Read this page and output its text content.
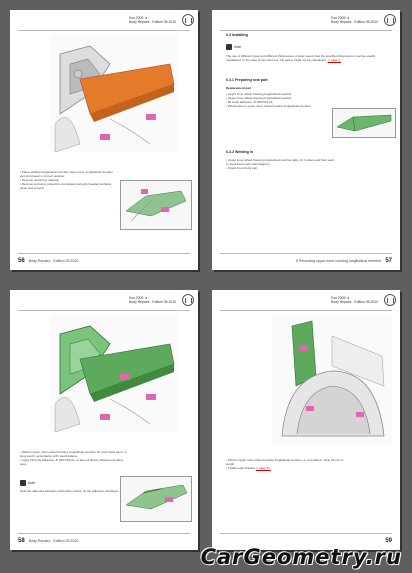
Eos 2005 ➔
Body Repairs - Edition 05.2010
• Place welding longitudinal member upper inner, longitudinal member and strut tower in correct position.
• Remove remaining material.
• Remove corrosion protection completely and grind welded surfaces clean and smooth.
56 Body Repairs - Edition 05.2010
Eos 2005 ➔
Body Repairs - Edition 05.2010
6.3 Installing
Note
The use of different types and different thicknesses of steel means that the specified dimensions must be exactly maintained. In the case of incorrect use, the safety might not be maintained. ⇒ page 1.
6.3.1 Preparing new part
Replacement part
• Upper inner wheel housing longitudinal member
• Upper inner wheel housing longitudinal member
• 2K body adhesive -D 180 KD3 A1-
• Weld holes on upper inner wheel housing longitudinal member
6.3.2 Welding in
• Upper inner wheel housing longitudinal member align, fix in place and then weld in accordance with weld diagram.
• Check fit on body part.
6 Removing upper inner housing longitudinal member 57
Eos 2005 ➔
Body Repairs - Edition 05.2010
• Weld in upper inner wheel housing longitudinal member -B- and check each -C- plug weld in accordance with specifications.
• Apply 2K body adhesive -D 180 KD3 A1- in area of factory adhesive bonded area.
Note
Note the data and adhesion information shown on the adhesive cartridges.
58 Body Repairs - Edition 05.2010
Eos 2005 ➔
Body Repairs - Edition 05.2010
• Weld in upper inner wheel housing longitudinal member -A- and attach, using 90 mm in length.
• Install upper bracket ⇒ page 17.
59
CarGeometry.ru
